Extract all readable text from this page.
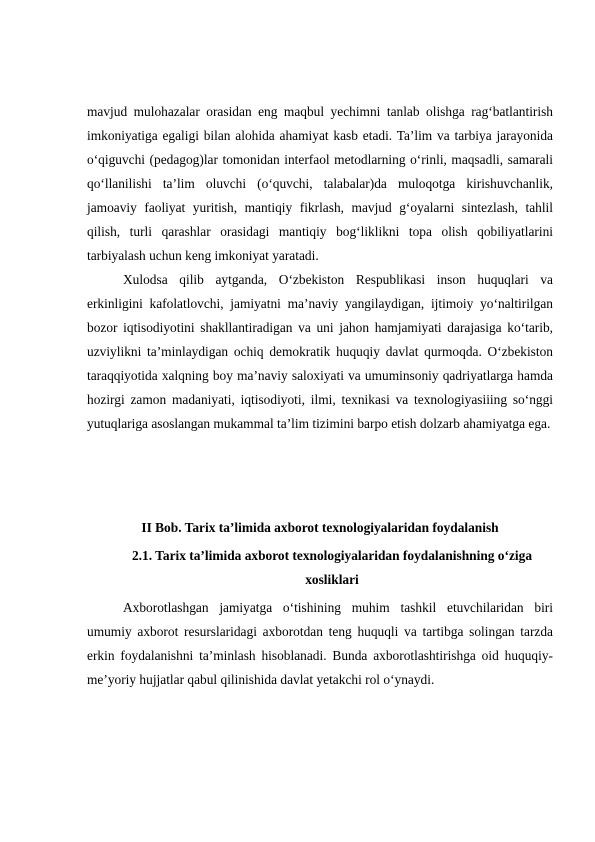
mavjud mulohazalar orasidan eng maqbul yechimni tanlab olishga rag‘batlantirish imkoniyatiga egaligi bilan alohida ahamiyat kasb etadi. Ta’lim va tarbiya jarayonida o‘qiguvchi (pedagog)lar tomonidan interfaol metodlarning o‘rinli, maqsadli, samarali qo‘llanilishi ta’lim oluvchi (o‘quvchi, talabalar)da muloqotga kirishuvchanlik, jamoaviy faoliyat yuritish, mantiqiy fikrlash, mavjud g‘oyalarni sintezlash, tahlil qilish, turli qarashlar orasidagi mantiqiy bog‘liklikni topa olish qobiliyatlarini tarbiyalash uchun keng imkoniyat yaratadi.

Xulodsa qilib aytganda, O‘zbekiston Respublikasi inson huquqlari va erkinligini kafolatlovchi, jamiyatni ma’naviy yangilaydigan, ijtimoiy yo‘naltirilgan bozor iqtisodiyotini shakllantiradigan va uni jahon hamjamiyati darajasiga ko‘tarib, uzviylikni ta’minlaydigan ochiq demokratik huquqiy davlat qurmoqda. O‘zbekiston taraqqiyotida xalqning boy ma’naviy saloxiyati va umuminsoniy qadriyatlarga hamda hozirgi zamon madaniyati, iqtisodiyoti, ilmi, texnikasi va texnologiyasiiing so‘nggi yutuqlariga asoslangan mukammal ta’lim tizimini barpo etish dolzarb ahamiyatga ega.

II Bob. Tarix ta’limida axborot texnologiyalaridan foydalanish

2.1. Tarix ta’limida axborot texnologiyalaridan foydalanishning o‘ziga xosliklari

Axborotlashgan jamiyatga o‘tishining muhim tashkil etuvchilaridan biri umumiy axborot resurslaridagi axborotdan teng huquqli va tartibga solingan tarzda erkin foydalanishni ta’minlash hisoblanadi. Bunda axborotlashtirishga oid huquqiy-me’yoriy hujjatlar qabul qilinishida davlat yetakchi rol o‘ynaydi.
